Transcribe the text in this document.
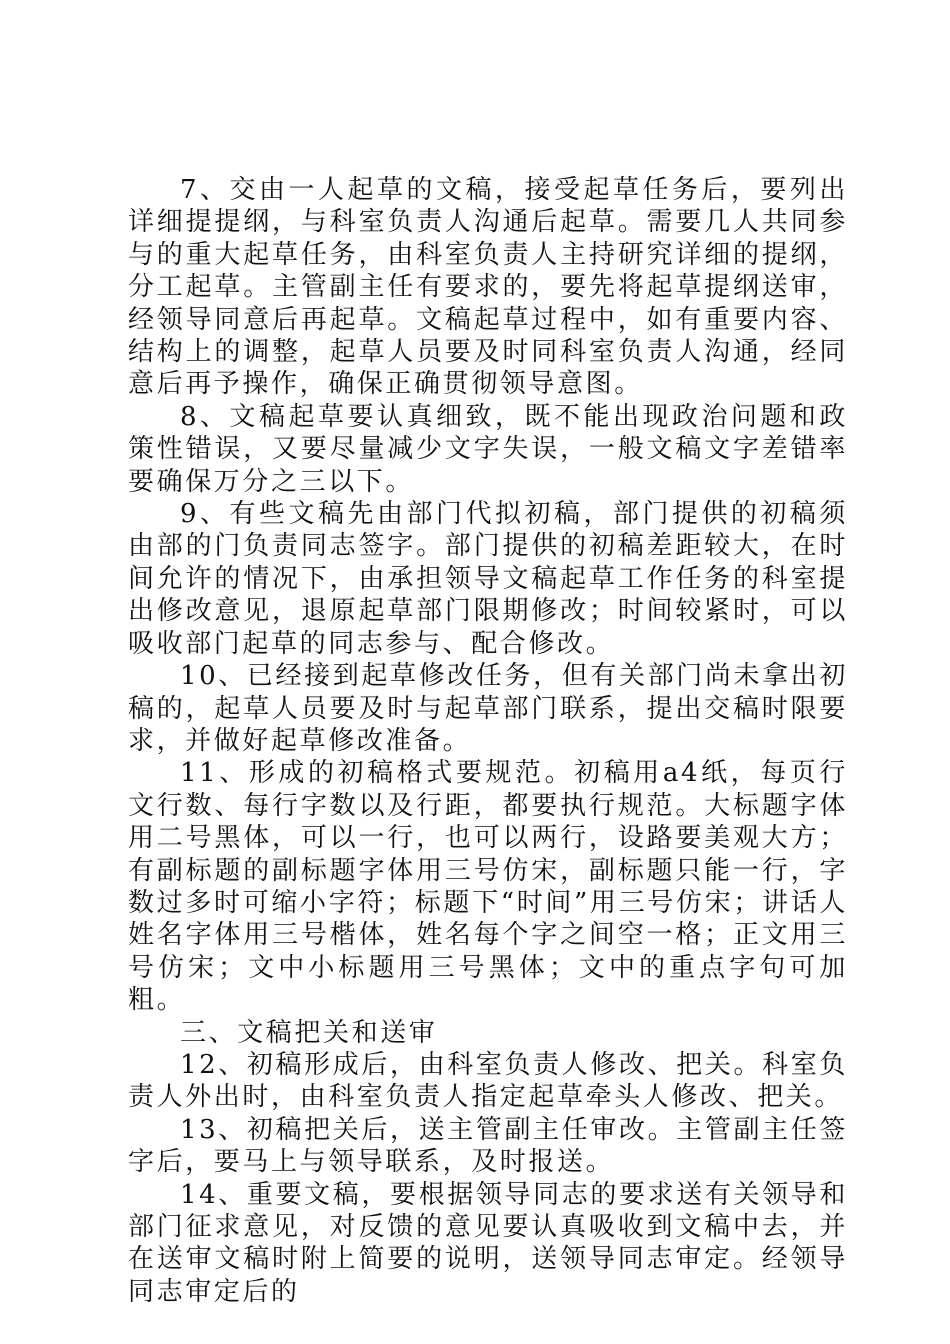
7、交由一人起草的文稿，接受起草任务后，要列出详细提提纲，与科室负责人沟通后起草。需要几人共同参与的重大起草任务，由科室负责人主持研究详细的提纲，分工起草。主管副主任有要求的，要先将起草提纲送审，经领导同意后再起草。文稿起草过程中，如有重要内容、结构上的调整，起草人员要及时同科室负责人沟通，经同意后再予操作，确保正确贯彻领导意图。

8、文稿起草要认真细致，既不能出现政治问题和政策性错误，又要尽量减少文字失误，一般文稿文字差错率要确保万分之三以下。

9、有些文稿先由部门代拟初稿，部门提供的初稿须由部的门负责同志签字。部门提供的初稿差距较大，在时间允许的情况下，由承担领导文稿起草工作任务的科室提出修改意见，退原起草部门限期修改；时间较紧时，可以吸收部门起草的同志参与、配合修改。

10、已经接到起草修改任务，但有关部门尚未拿出初稿的，起草人员要及时与起草部门联系，提出交稿时限要求，并做好起草修改准备。

11、形成的初稿格式要规范。初稿用a4纸，每页行文行数、每行字数以及行距，都要执行规范。大标题字体用二号黑体，可以一行，也可以两行，设路要美观大方；有副标题的副标题字体用三号仿宋，副标题只能一行，字数过多时可缩小字符；标题下“时间”用三号仿宋；讲话人姓名字体用三号楷体，姓名每个字之间空一格；正文用三号仿宋；文中小标题用三号黑体；文中的重点字句可加粗。

三、文稿把关和送审

12、初稿形成后，由科室负责人修改、把关。科室负责人外出时，由科室负责人指定起草牵头人修改、把关。

13、初稿把关后，送主管副主任审改。主管副主任签字后，要马上与领导联系，及时报送。

14、重要文稿，要根据领导同志的要求送有关领导和部门征求意见，对反馈的意见要认真吸收到文稿中去，并在送审文稿时附上简要的说明，送领导同志审定。经领导同志审定后的
